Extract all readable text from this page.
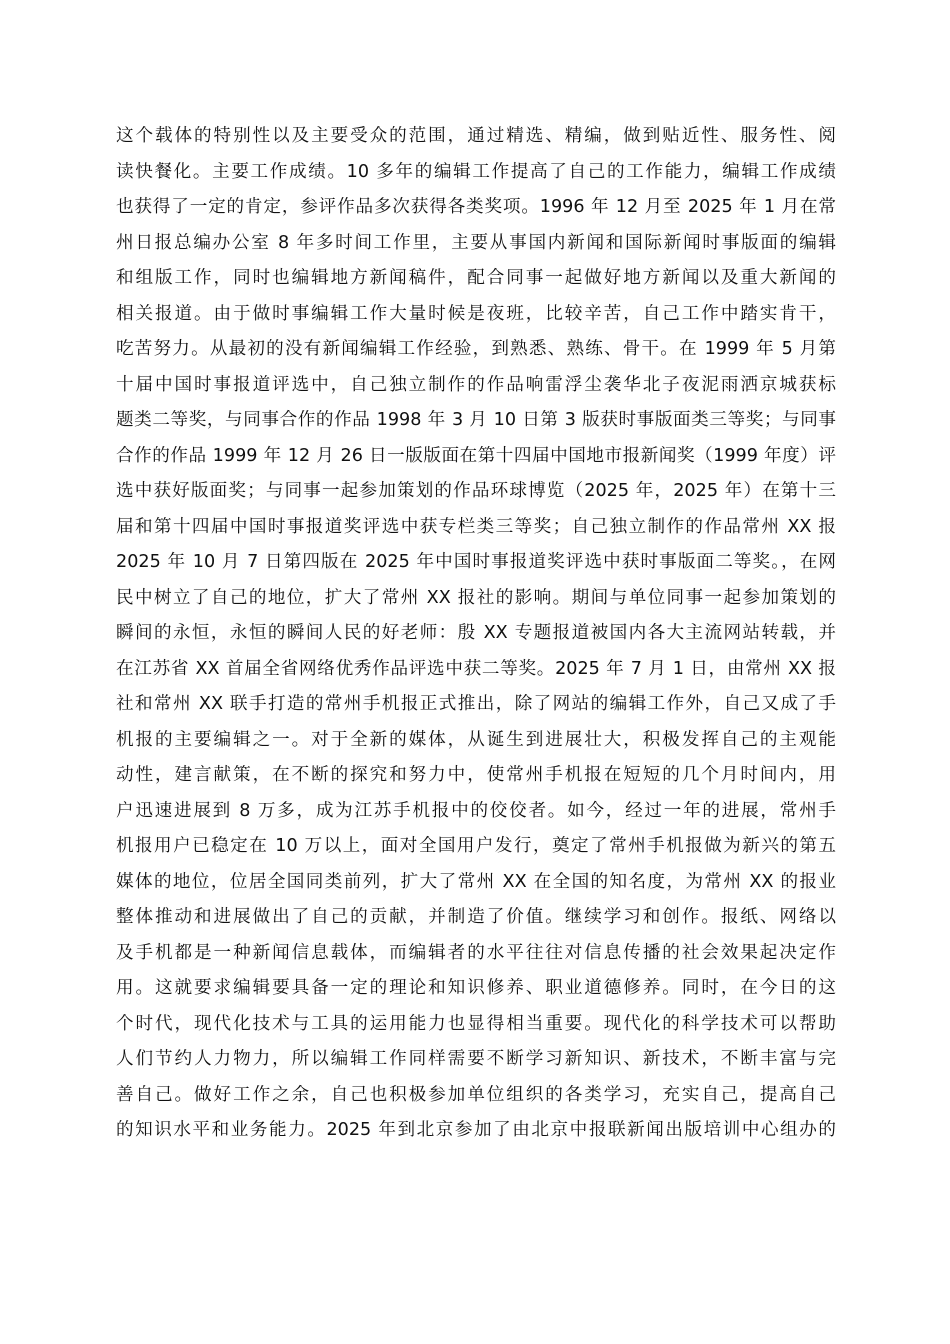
这个载体的特别性以及主要受众的范围，通过精选、精编，做到贴近性、服务性、阅
读快餐化。主要工作成绩。10 多年的编辑工作提高了自己的工作能力，编辑工作成绩
也获得了一定的肯定，参评作品多次获得各类奖项。1996 年 12 月至 2025 年 1 月在常
州日报总编办公室 8 年多时间工作里，主要从事国内新闻和国际新闻时事版面的编辑
和组版工作，同时也编辑地方新闻稿件，配合同事一起做好地方新闻以及重大新闻的
相关报道。由于做时事编辑工作大量时候是夜班，比较辛苦，自己工作中踏实肯干，
吃苦努力。从最初的没有新闻编辑工作经验，到熟悉、熟练、骨干。在 1999 年 5 月第
十届中国时事报道评选中，自己独立制作的作品响雷浮尘袭华北子夜泥雨洒京城获标
题类二等奖，与同事合作的作品 1998 年 3 月 10 日第 3 版获时事版面类三等奖；与同事
合作的作品 1999 年 12 月 26 日一版版面在第十四届中国地市报新闻奖（1999 年度）评
选中获好版面奖；与同事一起参加策划的作品环球博览（2025 年，2025 年）在第十三
届和第十四届中国时事报道奖评选中获专栏类三等奖；自己独立制作的作品常州 XX 报
2025 年 10 月 7 日第四版在 2025 年中国时事报道奖评选中获时事版面二等奖。，在网
民中树立了自己的地位，扩大了常州 XX 报社的影响。期间与单位同事一起参加策划的
瞬间的永恒，永恒的瞬间人民的好老师：殷 XX 专题报道被国内各大主流网站转载，并
在江苏省 XX 首届全省网络优秀作品评选中获二等奖。2025 年 7 月 1 日，由常州 XX 报
社和常州 XX 联手打造的常州手机报正式推出，除了网站的编辑工作外，自己又成了手
机报的主要编辑之一。对于全新的媒体，从诞生到进展壮大，积极发挥自己的主观能
动性，建言献策，在不断的探究和努力中，使常州手机报在短短的几个月时间内，用
户迅速进展到 8 万多，成为江苏手机报中的佼佼者。如今，经过一年的进展，常州手
机报用户已稳定在 10 万以上，面对全国用户发行，奠定了常州手机报做为新兴的第五
媒体的地位，位居全国同类前列，扩大了常州 XX 在全国的知名度，为常州 XX 的报业
整体推动和进展做出了自己的贡献，并制造了价值。继续学习和创作。报纸、网络以
及手机都是一种新闻信息载体，而编辑者的水平往往对信息传播的社会效果起决定作
用。这就要求编辑要具备一定的理论和知识修养、职业道德修养。同时，在今日的这
个时代，现代化技术与工具的运用能力也显得相当重要。现代化的科学技术可以帮助
人们节约人力物力，所以编辑工作同样需要不断学习新知识、新技术，不断丰富与完
善自己。做好工作之余，自己也积极参加单位组织的各类学习，充实自己，提高自己
的知识水平和业务能力。2025 年到北京参加了由北京中报联新闻出版培训中心组办的
